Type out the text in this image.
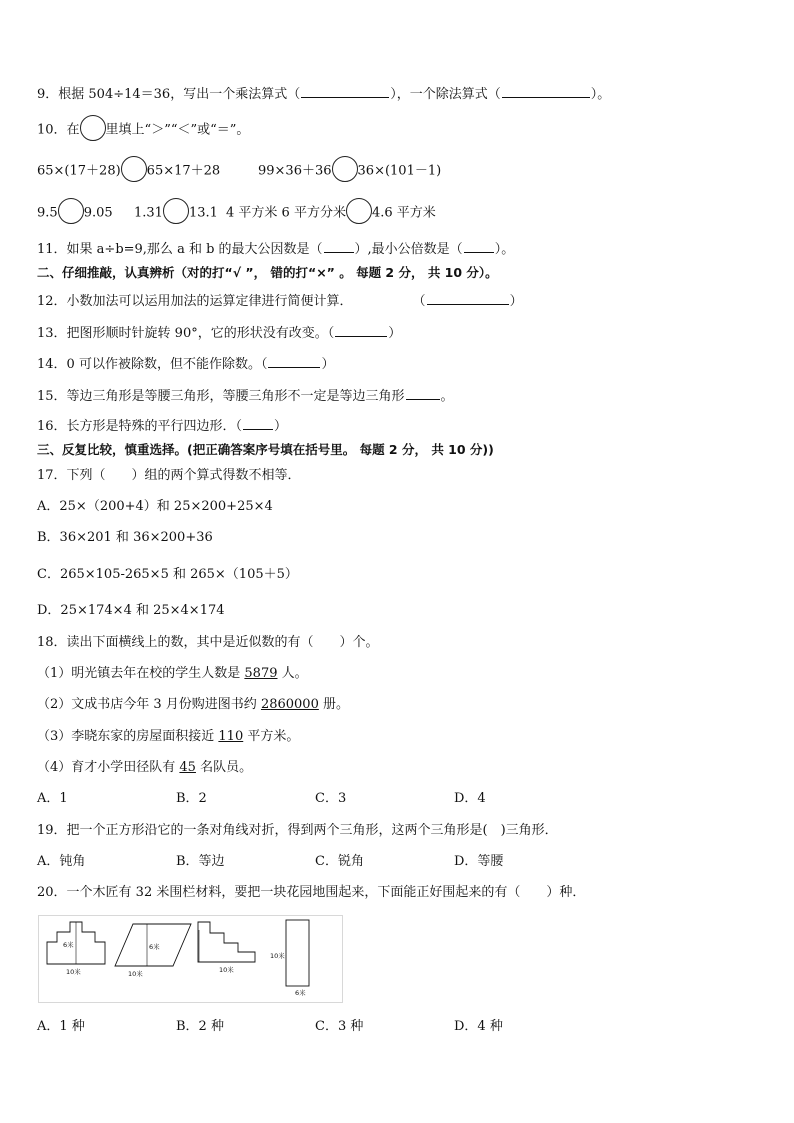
9．根据 504÷14＝36，写出一个乘法算式（	），一个除法算式（	）。
10．在 里填上“＞”“＜”或“＝”。
65×(17＋28) 65×17＋28	99×36＋36 36×(101－1)
9.5 9.05 1.31 13.1 4 平方米 6 平方分米 4.6 平方米
11．如果 a÷b=9,那么 a 和 b 的最大公因数是（ ）,最小公倍数是（ ）。
二、仔细推敲，认真辨析（对的打“√ ”， 错的打“×” 。 每题 2 分， 共 10 分）。
12．小数加法可以运用加法的运算定律进行简便计算．	（	）
13．把图形顺时针旋转 90°，它的形状没有改变。（	）
14．0 可以作被除数，但不能作除数。（	）
15．等边三角形是等腰三角形，等腰三角形不一定是等边三角形	。
16．长方形是特殊的平行四边形．（ ）
三、反复比较，慎重选择。(把正确答案序号填在括号里。 每题 2 分， 共 10 分))
17．下列（　　）组的两个算式得数不相等．
A．25×（200+4）和 25×200+25×4
B．36×201 和 36×200+36
C．265×105-265×5 和 265×（105＋5）
D．25×174×4 和 25×4×174
18．读出下面横线上的数，其中是近似数的有（　　）个。
（1）明光镇去年在校的学生人数是 5879 人。
（2）文成书店今年 3 月份购进图书约 2860000 册。
（3）李晓东家的房屋面积接近 110 平方米。
（4）育才小学田径队有 45 名队员。
A．1	B．2	C．3	D．4
19．把一个正方形沿它的一条对角线对折，得到两个三角形，这两个三角形是(　)三角形．
A．钝角	B．等边	C．锐角	D．等腰
20．一个木匠有 32 米围栏材料，要把一块花园地围起来，下面能正好围起来的有（　　）种．
6米
10米
6米
10米	10米
10米
6米
A．1 种	B．2 种	C．3 种	D．4 种
